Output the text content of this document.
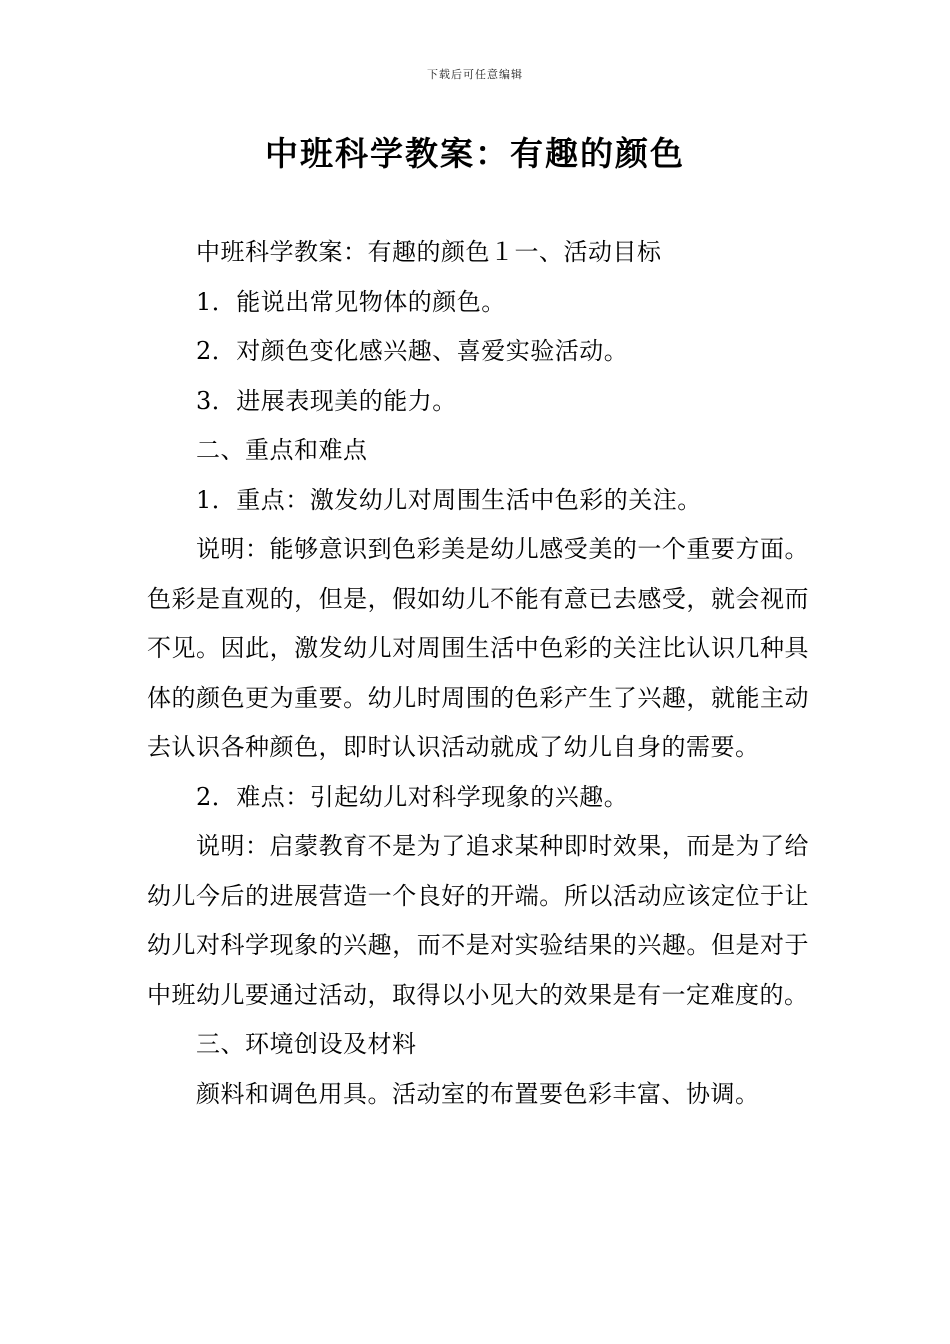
下载后可任意编辑
中班科学教案：有趣的颜色

中班科学教案：有趣的颜色１一、活动目标

1．能说出常见物体的颜色。

2．对颜色变化感兴趣、喜爱实验活动。

3．进展表现美的能力。

二、重点和难点

1．重点：激发幼儿对周围生活中色彩的关注。

说明：能够意识到色彩美是幼儿感受美的一个重要方面。色彩是直观的，但是，假如幼儿不能有意已去感受，就会视而不见。因此，激发幼儿对周围生活中色彩的关注比认识几种具体的颜色更为重要。幼儿时周围的色彩产生了兴趣，就能主动去认识各种颜色，即时认识活动就成了幼儿自身的需要。

2．难点：引起幼儿对科学现象的兴趣。

说明：启蒙教育不是为了追求某种即时效果，而是为了给幼儿今后的进展营造一个良好的开端。所以活动应该定位于让幼儿对科学现象的兴趣，而不是对实验结果的兴趣。但是对于中班幼儿要通过活动，取得以小见大的效果是有一定难度的。

三、环境创设及材料

颜料和调色用具。活动室的布置要色彩丰富、协调。
